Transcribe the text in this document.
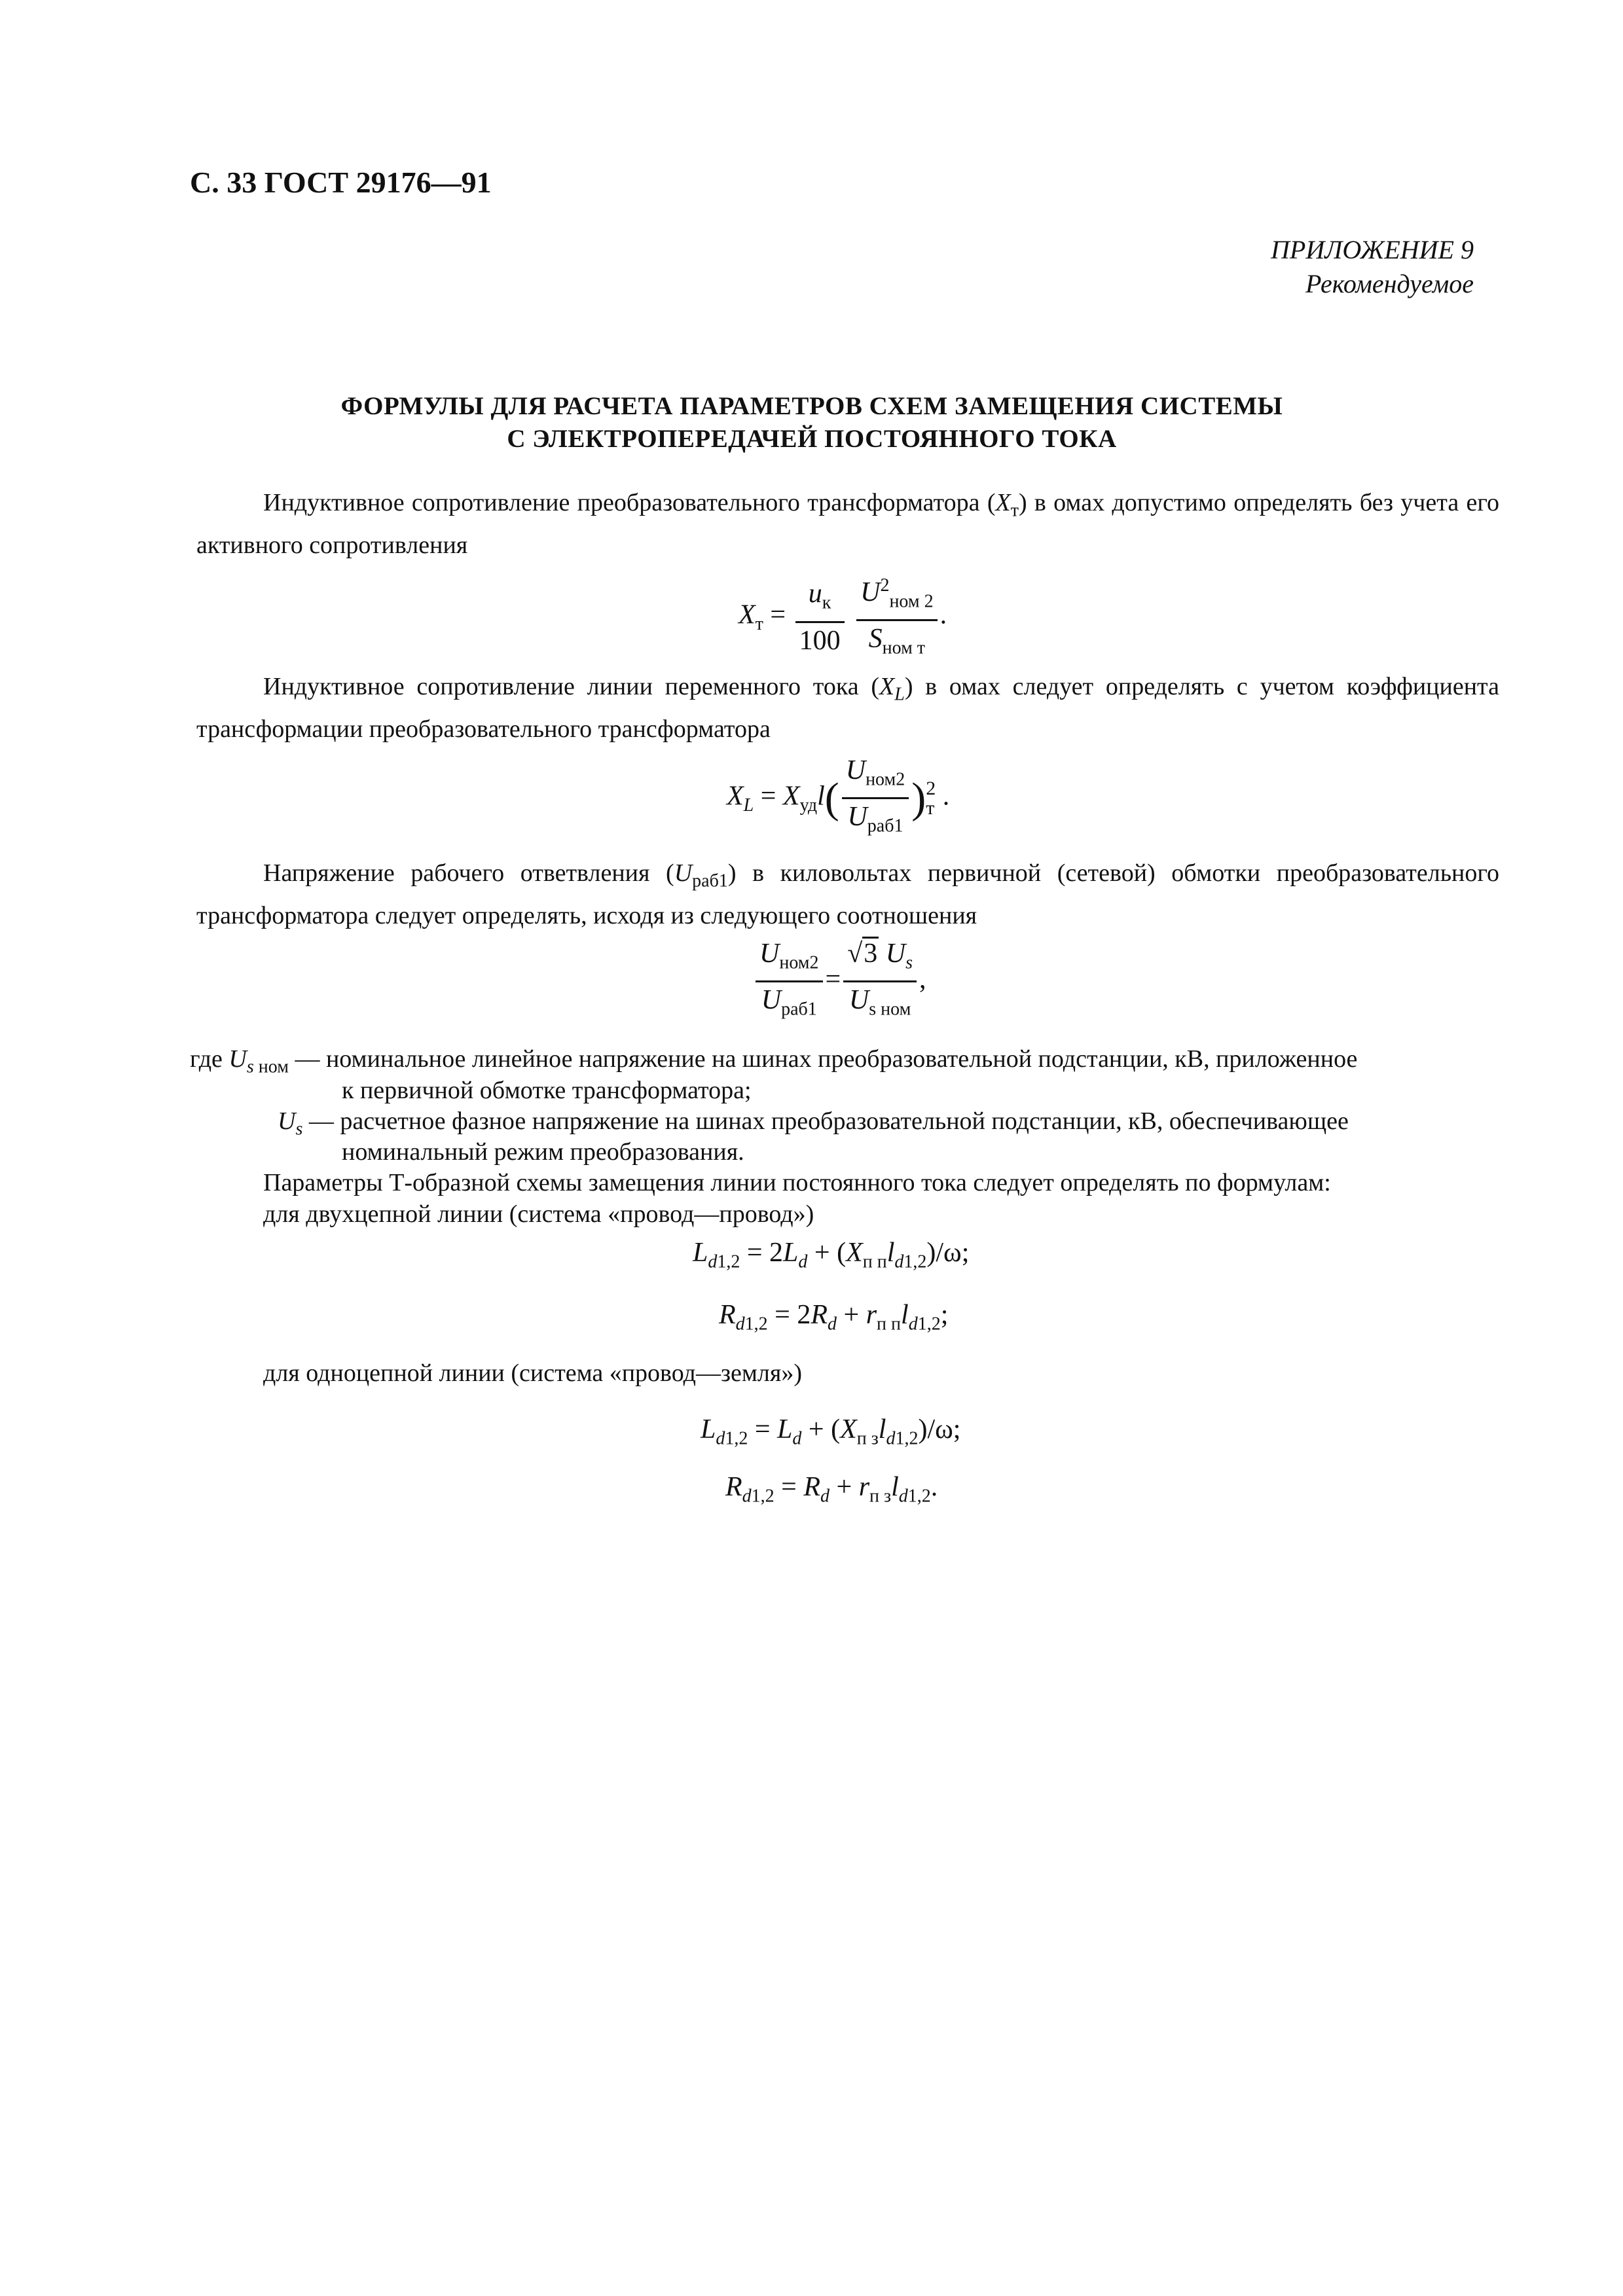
С. 33 ГОСТ 29176—91
ПРИЛОЖЕНИЕ 9
Рекомендуемое
ФОРМУЛЫ ДЛЯ РАСЧЕТА ПАРАМЕТРОВ СХЕМ ЗАМЕЩЕНИЯ СИСТЕМЫ
С ЭЛЕКТРОПЕРЕДАЧЕЙ ПОСТОЯННОГО ТОКА
Индуктивное сопротивление преобразовательного трансформатора $(X_т)$ в омах допустимо определять без учета его активного сопротивления
$X_т = \frac{u_к}{100}$
$\frac{U^2_{ном 2}}{S_{ном т}}$ .
Индуктивное сопротивление линии переменного тока $(X_L)$ в омах следует определять с учетом коэффициента трансформации преобразовательного трансформатора
$X_L = X_{уд}l( \frac{U_{ном2}}{U_{раб1}}$ ) 2
т .
Напряжение рабочего ответвления $(U_{раб1})$ в киловольтах первичной (сетевой) обмотки преобразовательного трансформатора следует определять, исходя из следующего соотношения
$\frac{U_{ном2}}{U_{раб1}} = \frac{√3 U_s}{U_{s ном}}$ ,
где $U_{s ном}$ — номинальное линейное напряжение на шинах преобразовательной подстанции, кВ, приложенное
к первичной обмотке трансформатора;
$U_s$ — расчетное фазное напряжение на шинах преобразовательной подстанции, кВ, обеспечивающее
номинальный режим преобразования.
Параметры Т-образной схемы замещения линии постоянного тока следует определять по формулам:
для двухцепной линии (система «провод—провод»)
$L_{d1,2} = 2L_d + (X_{п п}l_{d1,2})/\omega$;
$R_{d1,2} = 2R_d + r_{п п}l_{d1,2}$;
для одноцепной линии (система «провод—земля»)
$L_{d1,2} = L_d + (X_{п з}l_{d1,2})/\omega$;
$R_{d1,2} = R_d + r_{п з}l_{d1,2}$.
